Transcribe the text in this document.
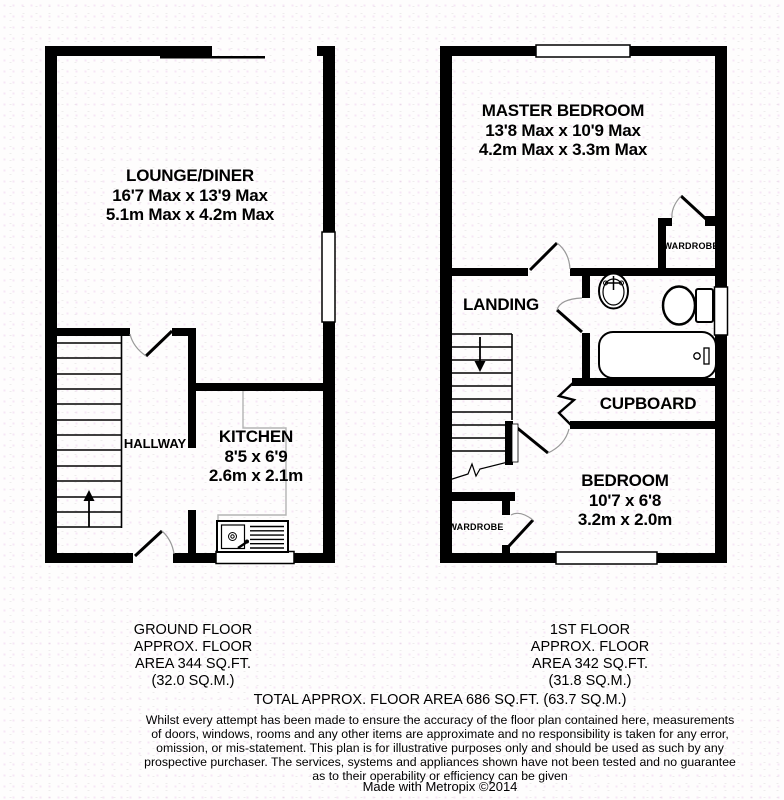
LOUNGE/DINER
16'7 Max x 13'9 Max
5.1m Max x 4.2m Max
HALLWAY	KITCHEN
8'5 x 6'9
2.6m x 2.1m
MASTER BEDROOM
13'8 Max x 10'9 Max
4.2m Max x 3.3m Max
LANDING
CUPBOARD
BEDROOM
10'7 x 6'8
3.2m x 2.0m
WARDROBE
WARDROBE
GROUND FLOOR
APPROX. FLOOR
AREA 344 SQ.FT.
(32.0 SQ.M.)
1ST FLOOR
APPROX. FLOOR
AREA 342 SQ.FT.
(31.8 SQ.M.)
TOTAL APPROX. FLOOR AREA 686 SQ.FT. (63.7 SQ.M.)
Whilst every attempt has been made to ensure the accuracy of the floor plan contained here, measurements
of doors, windows, rooms and any other items are approximate and no responsibility is taken for any error,
omission, or mis-statement. This plan is for illustrative purposes only and should be used as such by any
prospective purchaser. The services, systems and appliances shown have not been tested and no guarantee
as to their operability or efficiency can be given
Made with Metropix ©2014
